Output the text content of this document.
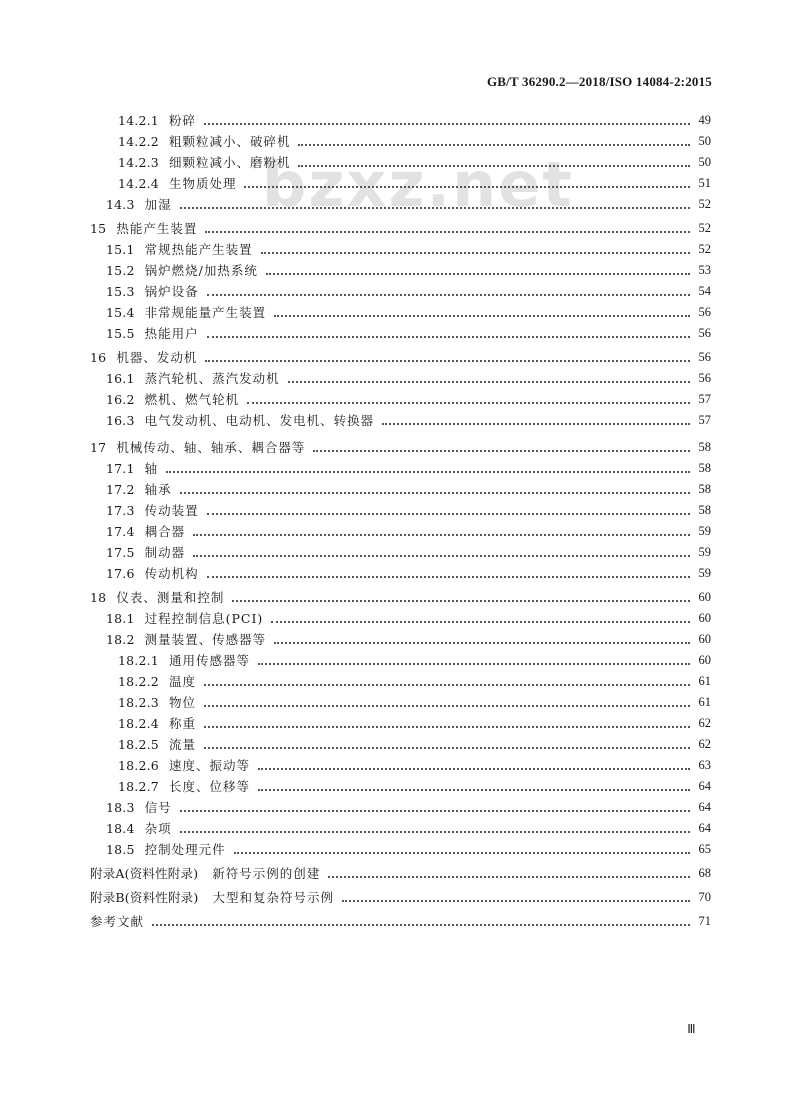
GB/T 36290.2—2018/ISO 14084-2:2015
bzxz.net
14.2.1 粉碎	49
14.2.2 粗颗粒减小、破碎机	50
14.2.3 细颗粒减小、磨粉机	50
14.2.4 生物质处理	51
14.3 加湿	52
15 热能产生装置	52
15.1 常规热能产生装置	52
15.2 锅炉燃烧/加热系统	53
15.3 锅炉设备	54
15.4 非常规能量产生装置	56
15.5 热能用户	56
16 机器、发动机	56
16.1 蒸汽轮机、蒸汽发动机	56
16.2 燃机、燃气轮机	57
16.3 电气发动机、电动机、发电机、转换器	57
17 机械传动、轴、轴承、耦合器等	58
17.1 轴	58
17.2 轴承	58
17.3 传动装置	58
17.4 耦合器	59
17.5 制动器	59
17.6 传动机构	59
18 仪表、测量和控制	60
18.1 过程控制信息(PCI)	60
18.2 测量装置、传感器等	60
18.2.1 通用传感器等	60
18.2.2 温度	61
18.2.3 物位	61
18.2.4 称重	62
18.2.5 流量	62
18.2.6 速度、振动等	63
18.2.7 长度、位移等	64
18.3 信号	64
18.4 杂项	64
18.5 控制处理元件	65
附录A(资料性附录) 新符号示例的创建	68
附录B(资料性附录) 大型和复杂符号示例	70
参考文献	71
Ⅲ
